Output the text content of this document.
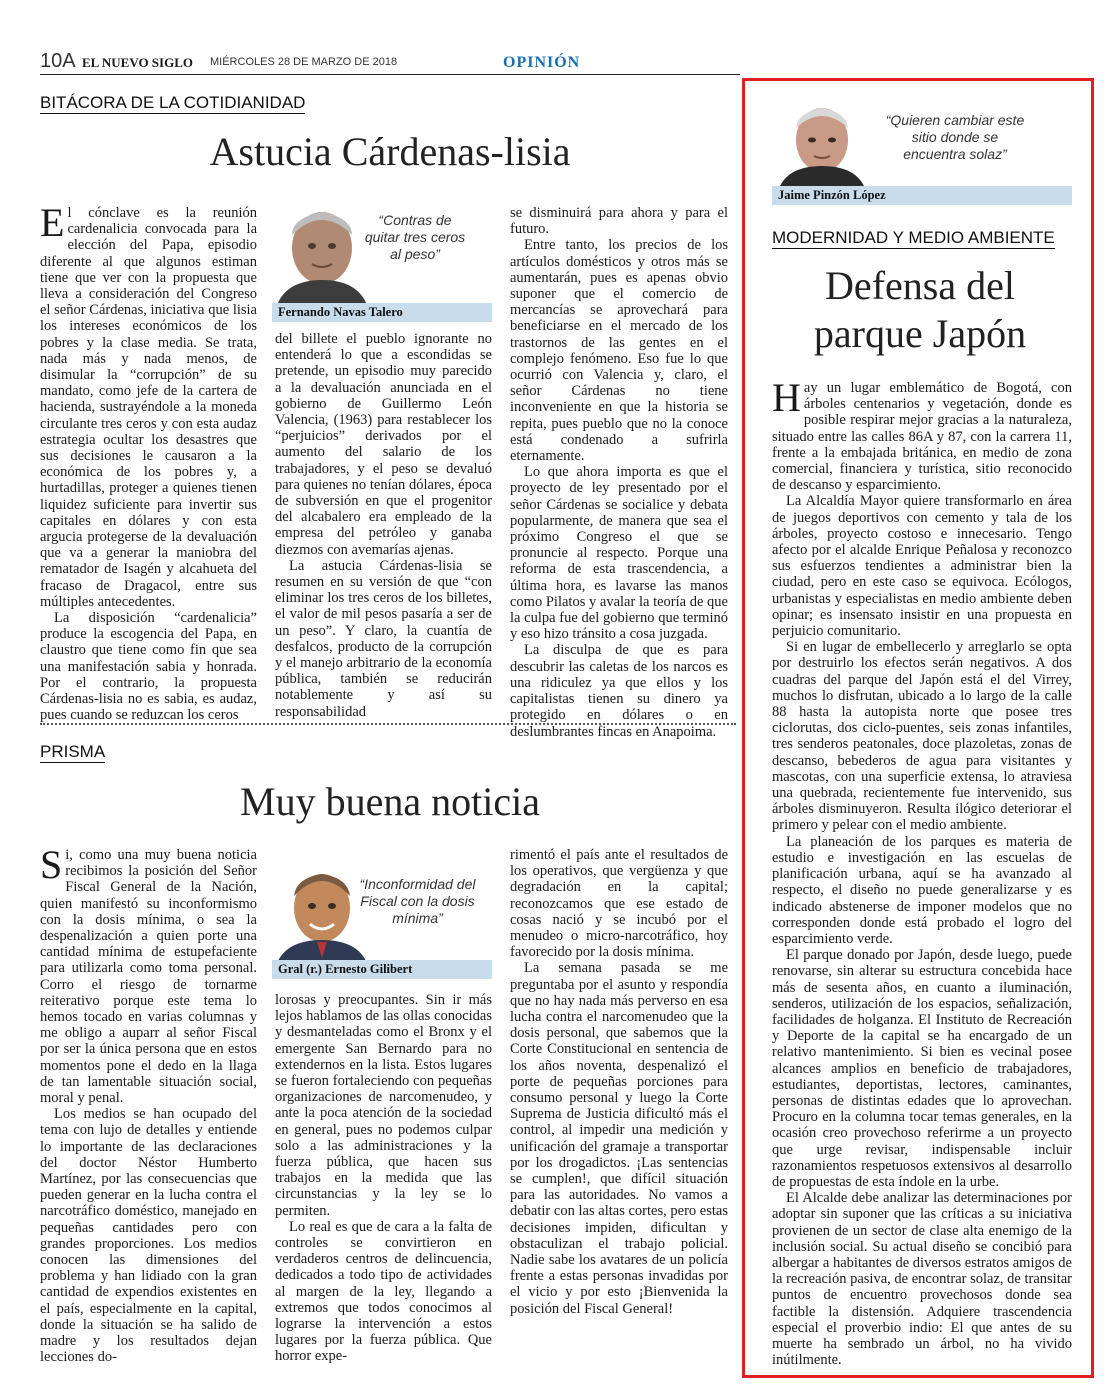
10A EL NUEVO SIGLO MIÉRCOLES 28 DE MARZO DE 2018	OPINIÓN
BITÁCORA DE LA COTIDIANIDAD
Astucia Cárdenas-lisia

El cónclave es la reunión cardenalicia convocada para la elección del Papa, episodio diferente al que algunos estiman tiene que ver con la propuesta que lleva a consideración del Congreso el señor Cárdenas, iniciativa que lisia los intereses económicos de los pobres y la clase media. Se trata, nada más y nada menos, de disimular la “corrupción” de su mandato, como jefe de la cartera de hacienda, sustrayéndole a la moneda circulante tres ceros y con esta audaz estrategia ocultar los desastres que sus decisiones le causaron a la económica de los pobres y, a hurtadillas, proteger a quienes tienen liquidez suficiente para invertir sus capitales en dólares y con esta argucia protegerse de la devaluación que va a generar la maniobra del rematador de Isagén y alcahueta del fracaso de Dragacol, entre sus múltiples antecedentes.

La disposición “cardenalicia” produce la escogencia del Papa, en claustro que tiene como fin que sea una manifestación sabia y honrada. Por el contrario, la propuesta Cárdenas-lisia no es sabia, es audaz, pues cuando se reduzcan los ceros

“Contras de quitar tres ceros al peso”
Fernando Navas Talero

del billete el pueblo ignorante no entenderá lo que a escondidas se pretende, un episodio muy parecido a la devaluación anunciada en el gobierno de Guillermo León Valencia, (1963) para restablecer los “perjuicios” derivados por el aumento del salario de los trabajadores, y el peso se devaluó para quienes no tenían dólares, época de subversión en que el progenitor del alcabalero era empleado de la empresa del petróleo y ganaba diezmos con avemarías ajenas.

La astucia Cárdenas-lisia se resumen en su versión de que “con eliminar los tres ceros de los billetes, el valor de mil pesos pasaría a ser de un peso”. Y claro, la cuantía de desfalcos, producto de la corrupción y el manejo arbitrario de la economía pública, también se reducirán notablemente y así su responsabilidad

se disminuirá para ahora y para el futuro.

Entre tanto, los precios de los artículos domésticos y otros más se aumentarán, pues es apenas obvio suponer que el comercio de mercancías se aprovechará para beneficiarse en el mercado de los trastornos de las gentes en el complejo fenómeno. Eso fue lo que ocurrió con Valencia y, claro, el señor Cárdenas no tiene inconveniente en que la historia se repita, pues pueblo que no la conoce está condenado a sufrirla eternamente.

Lo que ahora importa es que el proyecto de ley presentado por el señor Cárdenas se socialice y debata popularmente, de manera que sea el próximo Congreso el que se pronuncie al respecto. Porque una reforma de esta trascendencia, a última hora, es lavarse las manos como Pilatos y avalar la teoría de que la culpa fue del gobierno que terminó y eso hizo tránsito a cosa juzgada.

La disculpa de que es para descubrir las caletas de los narcos es una ridiculez ya que ellos y los capitalistas tienen su dinero ya protegido en dólares o en deslumbrantes fincas en Anapoima.

PRISMA
Muy buena noticia

Si, como una muy buena noticia recibimos la posición del Señor Fiscal General de la Nación, quien manifestó su inconformismo con la dosis mínima, o sea la despenalización a quien porte una cantidad mínima de estupefaciente para utilizarla como toma personal. Corro el riesgo de tornarme reiterativo porque este tema lo hemos tocado en varias columnas y me obligo a auparr al señor Fiscal por ser la única persona que en estos momentos pone el dedo en la llaga de tan lamentable situación social, moral y penal.

Los medios se han ocupado del tema con lujo de detalles y entiende lo importante de las declaraciones del doctor Néstor Humberto Martínez, por las consecuencias que pueden generar en la lucha contra el narcotráfico doméstico, manejado en pequeñas cantidades pero con grandes proporciones. Los medios conocen las dimensiones del problema y han lidiado con la gran cantidad de expendios existentes en el país, especialmente en la capital, donde la situación se ha salido de madre y los resultados dejan lecciones do-

“Inconformidad del Fiscal con la dosis mínima”
Gral (r.) Ernesto Gilibert

lorosas y preocupantes. Sin ir más lejos hablamos de las ollas conocidas y desmanteladas como el Bronx y el emergente San Bernardo para no extendernos en la lista. Estos lugares se fueron fortaleciendo con pequeñas organizaciones de narcomenudeo, y ante la poca atención de la sociedad en general, pues no podemos culpar solo a las administraciones y la fuerza pública, que hacen sus trabajos en la medida que las circunstancias y la ley se lo permiten.

Lo real es que de cara a la falta de controles se convirtieron en verdaderos centros de delincuencia, dedicados a todo tipo de actividades al margen de la ley, llegando a extremos que todos conocimos al lograrse la intervención a estos lugares por la fuerza pública. Que horror expe-

rimentó el país ante el resultados de los operativos, que vergüenza y que degradación en la capital; reconozcamos que ese estado de cosas nació y se incubó por el menudeo o micro-narcotráfico, hoy favorecido por la dosis mínima.

La semana pasada se me preguntaba por el asunto y respondía que no hay nada más perverso en esa lucha contra el narcomenudeo que la dosis personal, que sabemos que la Corte Constitucional en sentencia de los años noventa, despenalizó el porte de pequeñas porciones para consumo personal y luego la Corte Suprema de Justicia dificultó más el control, al impedir una medición y unificación del gramaje a transportar por los drogadictos. ¡Las sentencias se cumplen!, que difícil situación para las autoridades. No vamos a debatir con las altas cortes, pero estas decisiones impiden, dificultan y obstaculizan el trabajo policial. Nadie sabe los avatares de un policía frente a estas personas invadidas por el vicio y por esto ¡Bienvenida la posición del Fiscal General!

“Quieren cambiar este sitio donde se encuentra solaz”
Jaime Pinzón López
MODERNIDAD Y MEDIO AMBIENTE
Defensa del
parque Japón

Hay un lugar emblemático de Bogotá, con árboles centenarios y vegetación, donde es posible respirar mejor gracias a la naturaleza, situado entre las calles 86A y 87, con la carrera 11, frente a la embajada británica, en medio de zona comercial, financiera y turística, sitio reconocido de descanso y esparcimiento.

La Alcaldía Mayor quiere transformarlo en área de juegos deportivos con cemento y tala de los árboles, proyecto costoso e innecesario. Tengo afecto por el alcalde Enrique Peñalosa y reconozco sus esfuerzos tendientes a administrar bien la ciudad, pero en este caso se equivoca. Ecólogos, urbanistas y especialistas en medio ambiente deben opinar; es insensato insistir en una propuesta en perjuicio comunitario.

Si en lugar de embellecerlo y arreglarlo se opta por destruirlo los efectos serán negativos. A dos cuadras del parque del Japón está el del Virrey, muchos lo disfrutan, ubicado a lo largo de la calle 88 hasta la autopista norte que posee tres ciclorutas, dos ciclo-puentes, seis zonas infantiles, tres senderos peatonales, doce plazoletas, zonas de descanso, bebederos de agua para visitantes y mascotas, con una superficie extensa, lo atraviesa una quebrada, recientemente fue intervenido, sus árboles disminuyeron. Resulta ilógico deteriorar el primero y pelear con el medio ambiente.

La planeación de los parques es materia de estudio e investigación en las escuelas de planificación urbana, aquí se ha avanzado al respecto, el diseño no puede generalizarse y es indicado abstenerse de imponer modelos que no corresponden donde está probado el logro del esparcimiento verde.

El parque donado por Japón, desde luego, puede renovarse, sin alterar su estructura concebida hace más de sesenta años, en cuanto a iluminación, senderos, utilización de los espacios, señalización, facilidades de holganza. El Instituto de Recreación y Deporte de la capital se ha encargado de un relativo mantenimiento. Si bien es vecinal posee alcances amplios en beneficio de trabajadores, estudiantes, deportistas, lectores, caminantes, personas de distintas edades que lo aprovechan. Procuro en la columna tocar temas generales, en la ocasión creo provechoso referirme a un proyecto que urge revisar, indispensable incluir razonamientos respetuosos extensivos al desarrollo de propuestas de esta índole en la urbe.

El Alcalde debe analizar las determinaciones por adoptar sin suponer que las críticas a su iniciativa provienen de un sector de clase alta enemigo de la inclusión social. Su actual diseño se concibió para albergar a habitantes de diversos estratos amigos de la recreación pasiva, de encontrar solaz, de transitar puntos de encuentro provechosos donde sea factible la distensión. Adquiere trascendencia especial el proverbio indio: El que antes de su muerte ha sembrado un árbol, no ha vivido inútilmente.
